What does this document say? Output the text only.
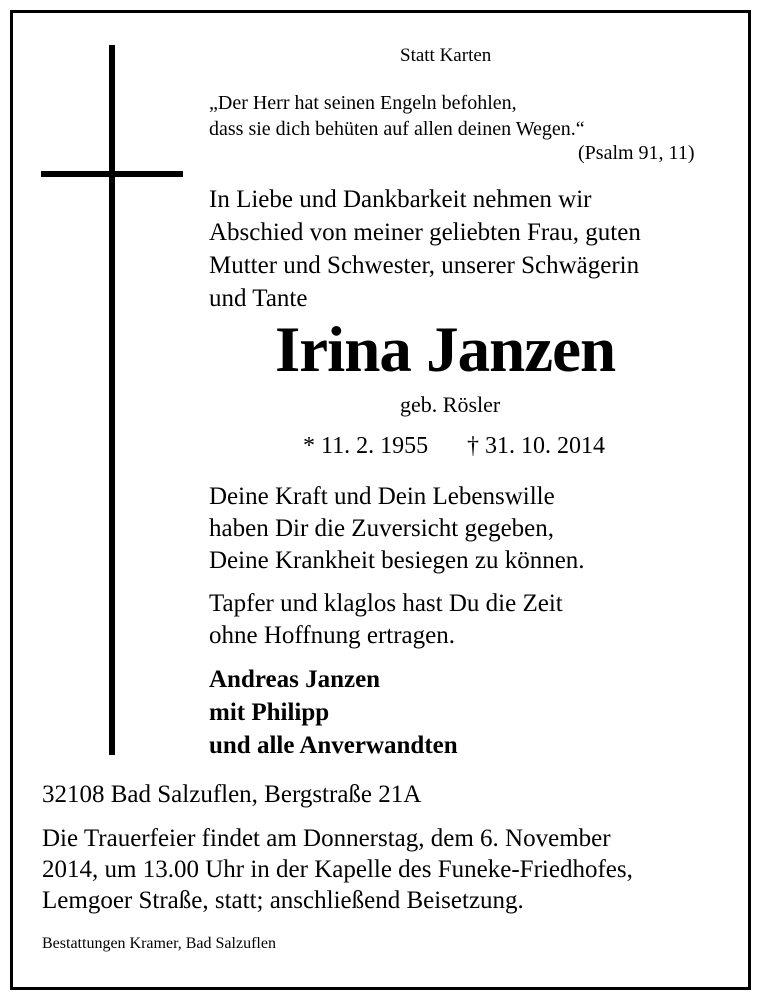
Statt Karten
„Der Herr hat seinen Engeln befohlen,
dass sie dich behüten auf allen deinen Wegen.“
(Psalm 91, 11)
In Liebe und Dankbarkeit nehmen wir
Abschied von meiner geliebten Frau, guten
Mutter und Schwester, unserer Schwägerin
und Tante
Irina Janzen
geb. Rösler
* 11. 2. 1955 † 31. 10. 2014
Deine Kraft und Dein Lebenswille
haben Dir die Zuversicht gegeben,
Deine Krankheit besiegen zu können.
Tapfer und klaglos hast Du die Zeit
ohne Hoffnung ertragen.
Andreas Janzen
mit Philipp
und alle Anverwandten
32108 Bad Salzuflen, Bergstraße 21A
Die Trauerfeier findet am Donnerstag, dem 6. November
2014, um 13.00 Uhr in der Kapelle des Funeke-Friedhofes,
Lemgoer Straße, statt; anschließend Beisetzung.
Bestattungen Kramer, Bad Salzuflen
